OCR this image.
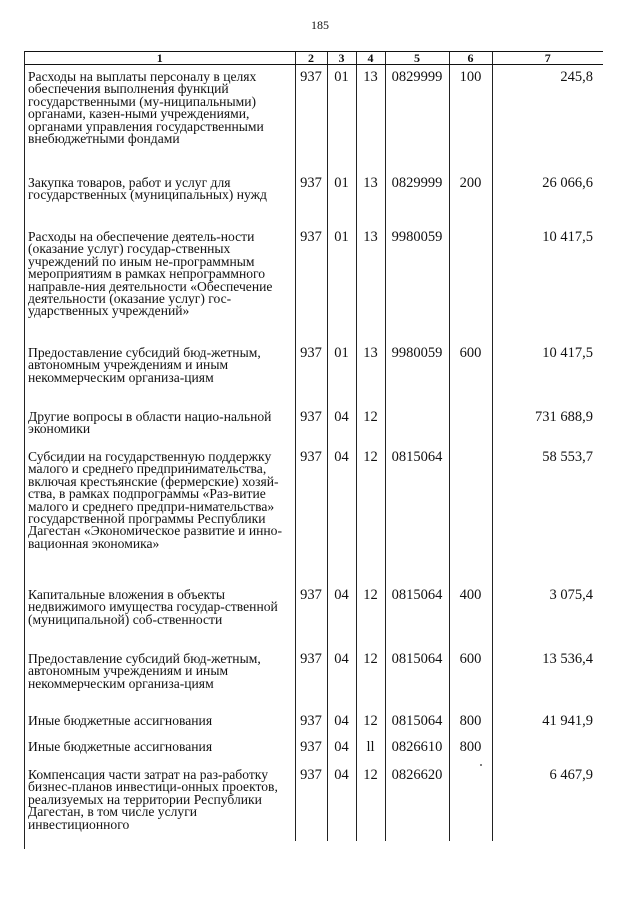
185
1	2	3	4	5	6	7
Расходы на выплаты персоналу в целях обеспечения выполнения функций государственными (му-ниципальными) органами, казен-ными учреждениями, органами управления государственными внебюджетными фондами	937	01	13	0829999	100	245,8
Закупка товаров, работ и услуг для государственных (муниципальных) нужд	937	01	13	0829999	200	26 066,6
Расходы на обеспечение деятель-ности (оказание услуг) государ-ственных учреждений по иным не-программным мероприятиям в рамках непрограммного направле-ния деятельности «Обеспечение деятельности (оказание услуг) гос-ударственных учреждений»	937	01	13	9980059		10 417,5
Предоставление субсидий бюд-жетным, автономным учреждениям и иным некоммерческим организа-циям	937	01	13	9980059	600	10 417,5
Другие вопросы в области нацио-нальной экономики	937	04	12			731 688,9
Субсидии на государственную поддержку малого и среднего предпринимательства, включая крестьянские (фермерские) хозяй-ства, в рамках подпрограммы «Раз-витие малого и среднего предпри-нимательства» государственной программы Республики Дагестан «Экономическое развитие и инно-вационная экономика»	937	04	12	0815064		58 553,7
Капитальные вложения в объекты недвижимого имущества государ-ственной (муниципальной) соб-ственности	937	04	12	0815064	400	3 075,4
Предоставление субсидий бюд-жетным, автономным учреждениям и иным некоммерческим организа-циям	937	04	12	0815064	600	13 536,4
Иные бюджетные ассигнования	937	04	12	0815064	800	41 941,9
Иные бюджетные ассигнования	937	04	ll	0826610	800	
Компенсация части затрат на раз-работку бизнес-планов инвестици-онных проектов, реализуемых на территории Республики Дагестан, в том числе услуги инвестиционного	937	04	12	0826620		6 467,9
